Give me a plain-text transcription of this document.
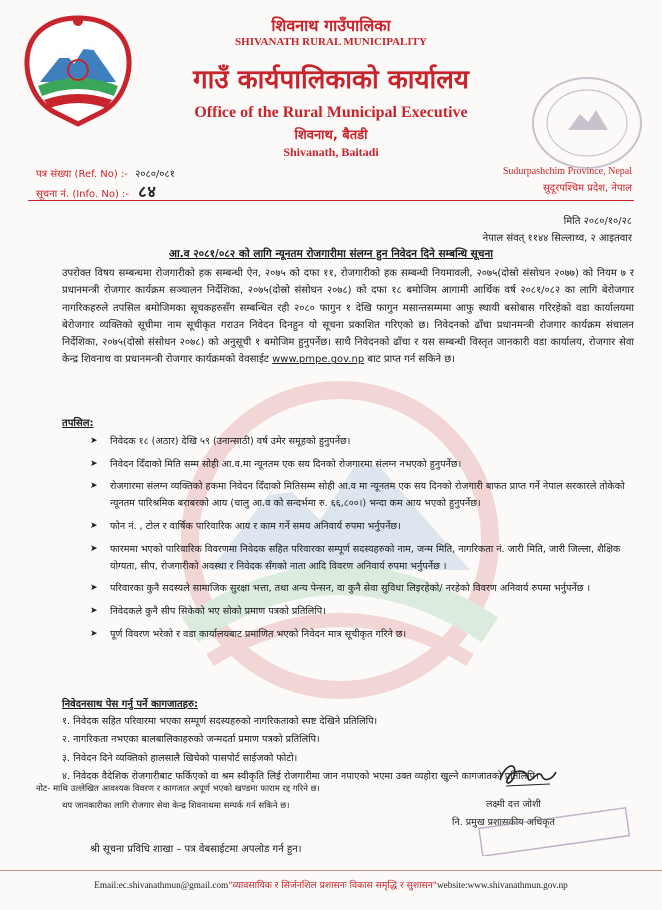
शिवनाथ गाउँपालिका
SHIVANATH RURAL MUNICIPALITY
गाउँ कार्यपालिकाको कार्यालय
Office of the Rural Municipal Executive
शिवनाथ, बैतडी
Shivanath, Baitadi
पत्र संख्या (Ref. No) :- २०८०/०८१
सूचना नं. (Info. No) :- ८४
Sudurpashchim Province, Nepal
सुदूरपश्चिम प्रदेश, नेपाल
मिति २०८०/१०/२८
नेपाल संवत् ११४४ सिल्लाथ्व, २ आइतवार
आ.व २०८१/०८२ को लागि न्यूनतम रोजगारीमा संलग्न हुन निवेदन दिने सम्बन्धि सूचना
उपरोक्त विषय सम्बन्धमा रोजगारीको हक सम्बन्धी ऐन, २०७५ को दफा ११, रोजगारीको हक सम्बन्धी नियमावली, २०७५(दोस्रो संसोधन २०७७) को नियम ७ र प्रधानमन्त्री रोजगार कार्यक्रम सञ्चालन निर्देशिका, २०७५(दोस्रो संसोधन २०७८) को दफा १८ बमोजिम आगामी आर्थिक वर्ष २०८१/०८२ का लागि बेरोजगार नागरिकहरुले तपसिल बमोजिमका सूचकहरुसँग सम्बन्धित रही २०८० फागुन १ देखि फागुन मसान्तसम्ममा आफु स्थायी बसोबास गरिरहेको वडा कार्यालयमा बेरोजगार व्यक्तिको सूचीमा नाम सूचीकृत गराउन निवेदन दिनहुन यो सूचना प्रकाशित गरिएको छ। निवेदनको ढाँचा प्रधानमन्त्री रोजगार कार्यक्रम संचालन निर्देशिका, २०७५(दोस्रो संसोधन २०७८) को अनुसूची १ बमोजिम हुनुपर्नेछ। साथै निवेदनको ढाँचा र यस सम्बन्धी विस्तृत जानकारी वडा कार्यालय, रोजगार सेवा केन्द्र शिवनाथ वा प्रधानमन्त्री रोजगार कार्यक्रमको वेवसाईट www.pmpe.gov.np बाट प्राप्त गर्न सकिने छ।
तपसिल:
➤ निवेदक १८ (अठार) देखि ५९ (उनान्साठी) वर्ष उमेर समूहको हुनुपर्नेछ।
➤ निवेदन दिँदाको मिति सम्म सोही आ.व.मा न्यूनतम एक सय दिनको रोजगारमा संलग्न नभएको हुनुपर्नेछ।
➤ रोजगारमा संलग्न व्यक्तिको हकमा निवेदन दिँदाको मितिसम्म सोही आ.व मा न्यूनतम एक सय दिनको रोजगारी बाफत प्राप्त गर्ने नेपाल सरकारले तोकेको न्यूनतम पारिश्रमिक बराबरको आय (चालु आ.व को सन्दर्भमा रु. ६६,८००।) भन्दा कम आय भएको हुनुपर्नेछ।
➤ फोन नं. , टोल र वार्षिक पारिवारिक आय र काम गर्ने समय अनिवार्य रुपमा भर्नुपर्नेछ।
➤ फारममा भएको पारिवारिक विवरणमा निवेदक सहित परिवारका सम्पूर्ण सदस्यहरुको नाम, जन्म मिति, नागरिकता नं. जारी मिति, जारी जिल्ला, शैक्षिक योग्यता, सीप, रोजगारीको अवस्था र निवेदक सँगको नाता आदि विवरण अनिवार्य रुपमा भर्नुपर्नेछ ।
➤ परिवारका कुनै सदस्यले सामाजिक सुरक्षा भत्ता, तथा अन्य पेन्सन, वा कुनै सेवा सुविधा लिइरहेको/ नरहेको विवरण अनिवार्य रुपमा भर्नुपर्नेछ ।
➤ निवेदकले कुनै सीप सिकेको भए सोको प्रमाण पत्रको प्रतिलिपि।
➤ पूर्ण विवरण भरेको र वडा कार्यालयबाट प्रमाणित भएको निवेदन मात्र सूचीकृत गरिने छ।
निवेदनसाथ पेस गर्नु पर्ने कागजातहरु:
१. निवेदक सहित परिवारमा भएका सम्पूर्ण सदस्यहरुको नागरिकताको स्पष्ट देखिने प्रतिलिपि।
२. नागरिकता नभएका बालबालिकाहरुको जन्मदर्ता प्रमाण पत्रको प्रतिलिपि।
३. निवेदन दिने व्यक्तिको हालसालै खिचेको पासपोर्ट साईजको फोटो।
४. निवेदक वैदेशिक रोजगारीबाट फर्किएको वा श्रम स्वीकृति लिई रोजगारीमा जान नपाएको भएमा उक्त व्यहोरा खुल्ने कागजातको प्रतिलिपि।
नोट- माथि उल्लेखित आवश्यक विवरण र कागजात अपूर्ण भएको खण्डमा फाराम रद्द गरिने छ।
थप जानकारीका लागि रोजगार सेवा केन्द्र शिवनाथमा सम्पर्क गर्न सकिने छ।	लक्ष्मी दत्त जोशी
नि. प्रमुख प्रशासकीय अधिकृत
श्री सूचना प्रविधि शाखा – पत्र वेबसाईटमा अपलोड गर्न हुन।
Email:ec.shivanathmun@gmail.com"व्यावसायिक र सिर्जनशिल प्रशासनः विकास समृद्धि र सुशासन"website:www.shivanathmun.gov.np
